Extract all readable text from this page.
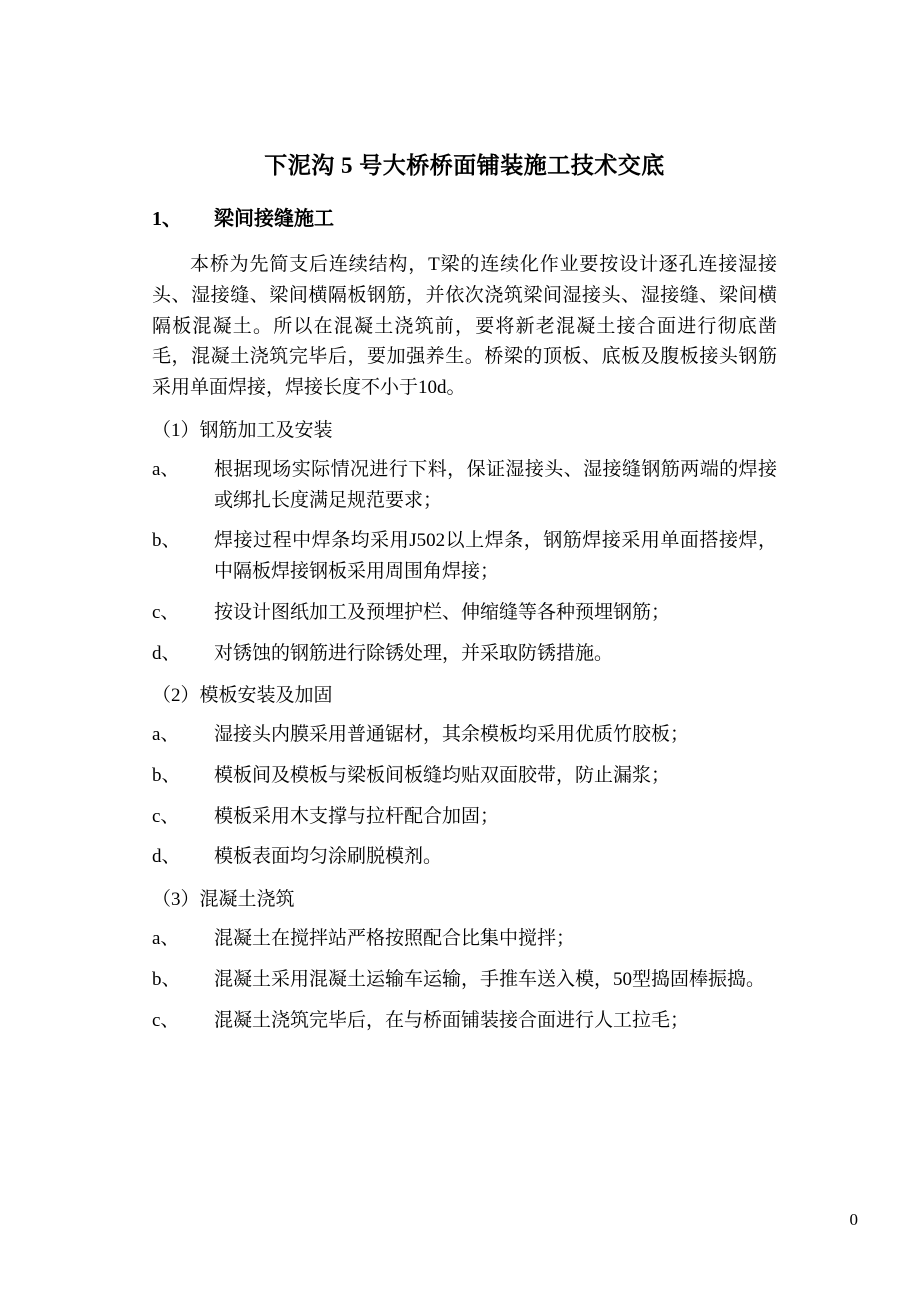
下泥沟 5 号大桥桥面铺装施工技术交底
1、	梁间接缝施工

本桥为先简支后连续结构，T梁的连续化作业要按设计逐孔连接湿接头、湿接缝、梁间横隔板钢筋，并依次浇筑梁间湿接头、湿接缝、梁间横隔板混凝土。所以在混凝土浇筑前，要将新老混凝土接合面进行彻底凿毛，混凝土浇筑完毕后，要加强养生。桥梁的顶板、底板及腹板接头钢筋采用单面焊接，焊接长度不小于10d。

（1）钢筋加工及安装
a、	根据现场实际情况进行下料，保证湿接头、湿接缝钢筋两端的焊接或绑扎长度满足规范要求；
b、	焊接过程中焊条均采用J502以上焊条，钢筋焊接采用单面搭接焊，中隔板焊接钢板采用周围角焊接；
c、	按设计图纸加工及预埋护栏、伸缩缝等各种预埋钢筋；
d、	对锈蚀的钢筋进行除锈处理，并采取防锈措施。
（2）模板安装及加固
a、	湿接头内膜采用普通锯材，其余模板均采用优质竹胶板；
b、	模板间及模板与梁板间板缝均贴双面胶带，防止漏浆；
c、	模板采用木支撑与拉杆配合加固；
d、	模板表面均匀涂刷脱模剂。
（3）混凝土浇筑
a、	混凝土在搅拌站严格按照配合比集中搅拌；
b、	混凝土采用混凝土运输车运输，手推车送入模，50型捣固棒振捣。
c、	混凝土浇筑完毕后，在与桥面铺装接合面进行人工拉毛；
0
